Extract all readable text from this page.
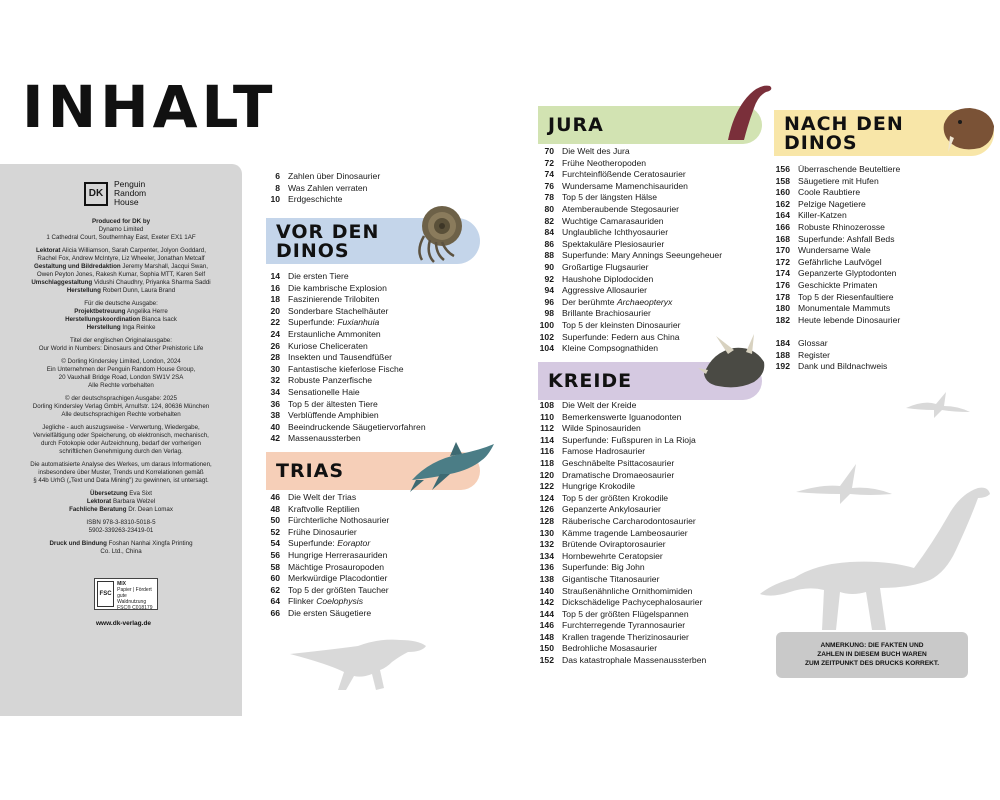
INHALT
DK
Penguin
Random
House
Produced for DK by
Dynamo Limited
1 Cathedral Court, Southernhay East, Exeter EX1 1AF
Lektorat Alicia Williamson, Sarah Carpenter, Jolyon Goddard,
Rachel Fox, Andrew McIntyre, Liz Wheeler, Jonathan Metcalf
Gestaltung und Bildredaktion Jeremy Marshall, Jacqui Swan,
Owen Peyton Jones, Rakesh Kumar, Sophia MTT, Karen Self
Umschlaggestaltung Vidushi Chaudhry, Priyanka Sharma Saddi
Herstellung Robert Dunn, Laura Brand
Für die deutsche Ausgabe:
Projektbetreuung Angelika Herre
Herstellungskoordination Bianca Isack
Herstellung Inga Reinke
Titel der englischen Originalausgabe:
Our World in Numbers: Dinosaurs and Other Prehistoric Life
© Dorling Kindersley Limited, London, 2024
Ein Unternehmen der Penguin Random House Group,
20 Vauxhall Bridge Road, London SW1V 2SA
Alle Rechte vorbehalten
© der deutschsprachigen Ausgabe: 2025
Dorling Kindersley Verlag GmbH, Arnulfstr. 124, 80636 München
Alle deutschsprachigen Rechte vorbehalten
Jegliche - auch auszugsweise - Verwertung, Wiedergabe,
Vervielfältigung oder Speicherung, ob elektronisch, mechanisch,
durch Fotokopie oder Aufzeichnung, bedarf der vorherigen
schriftlichen Genehmigung durch den Verlag.
Die automatisierte Analyse des Werkes, um daraus Informationen,
insbesondere über Muster, Trends und Korrelationen gemäß
§ 44b UrhG („Text und Data Mining") zu gewinnen, ist untersagt.
Übersetzung Eva Sixt
Lektorat Barbara Welzel
Fachliche Beratung Dr. Dean Lomax
ISBN 978-3-8310-5018-5
5902-339263-23419-01
Druck und Bindung Foshan Nanhai Xingfa Printing
Co. Ltd., China
FSC
MIX
Papier | Fördert
gute Waldnutzung
FSC® C018179
www.dk-verlag.de
6 Zahlen über Dinosaurier
8 Was Zahlen verraten
10 Erdgeschichte
VOR DEN
DINOS
14 Die ersten Tiere
16 Die kambrische Explosion
18 Faszinierende Trilobiten
20 Sonderbare Stachelhäuter
22 Superfunde: Fuxianhuia
24 Erstaunliche Ammoniten
26 Kuriose Cheliceraten
28 Insekten und Tausendfüßer
30 Fantastische kieferlose Fische
32 Robuste Panzerfische
34 Sensationelle Haie
36 Top 5 der ältesten Tiere
38 Verblüffende Amphibien
40 Beeindruckende Säugetiervorfahren
42 Massenaussterben
TRIAS
46 Die Welt der Trias
48 Kraftvolle Reptilien
50 Fürchterliche Nothosaurier
52 Frühe Dinosaurier
54 Superfunde: Eoraptor
56 Hungrige Herrerasauriden
58 Mächtige Prosauropoden
60 Merkwürdige Placodontier
62 Top 5 der größten Taucher
64 Flinker Coelophysis
66 Die ersten Säugetiere
JURA
70 Die Welt des Jura
72 Frühe Neotheropoden
74 Furchteinflößende Ceratosaurier
76 Wundersame Mamenchisauriden
78 Top 5 der längsten Hälse
80 Atemberaubende Stegosaurier
82 Wuchtige Camarasauriden
84 Unglaubliche Ichthyosaurier
86 Spektakuläre Plesiosaurier
88 Superfunde: Mary Annings Seeungeheuer
90 Großartige Flugsaurier
92 Haushohe Diplodociden
94 Aggressive Allosaurier
96 Der berühmte Archaeopteryx
98 Brillante Brachiosaurier
100 Top 5 der kleinsten Dinosaurier
102 Superfunde: Federn aus China
104 Kleine Compsognathiden
KREIDE
108 Die Welt der Kreide
110 Bemerkenswerte Iguanodonten
112 Wilde Spinosauriden
114 Superfunde: Fußspuren in La Rioja
116 Famose Hadrosaurier
118 Geschnäbelte Psittacosaurier
120 Dramatische Dromaeosaurier
122 Hungrige Krokodile
124 Top 5 der größten Krokodile
126 Gepanzerte Ankylosaurier
128 Räuberische Carcharodontosaurier
130 Kämme tragende Lambeosaurier
132 Brütende Oviraptorosaurier
134 Hornbewehrte Ceratopsier
136 Superfunde: Big John
138 Gigantische Titanosaurier
140 Straußenähnliche Ornithomimiden
142 Dickschädelige Pachycephalosaurier
144 Top 5 der größten Flügelspannen
146 Furchterregende Tyrannosaurier
148 Krallen tragende Therizinosaurier
150 Bedrohliche Mosasaurier
152 Das katastrophale Massenaussterben
NACH DEN
DINOS
156 Überraschende Beuteltiere
158 Säugetiere mit Hufen
160 Coole Raubtiere
162 Pelzige Nagetiere
164 Killer-Katzen
166 Robuste Rhinozerosse
168 Superfunde: Ashfall Beds
170 Wundersame Wale
172 Gefährliche Laufvögel
174 Gepanzerte Glyptodonten
176 Geschickte Primaten
178 Top 5 der Riesenfaultiere
180 Monumentale Mammuts
182 Heute lebende Dinosaurier
184 Glossar
188 Register
192 Dank und Bildnachweis
ANMERKUNG: DIE FAKTEN UND
ZAHLEN IN DIESEM BUCH WAREN
ZUM ZEITPUNKT DES DRUCKS KORREKT.
